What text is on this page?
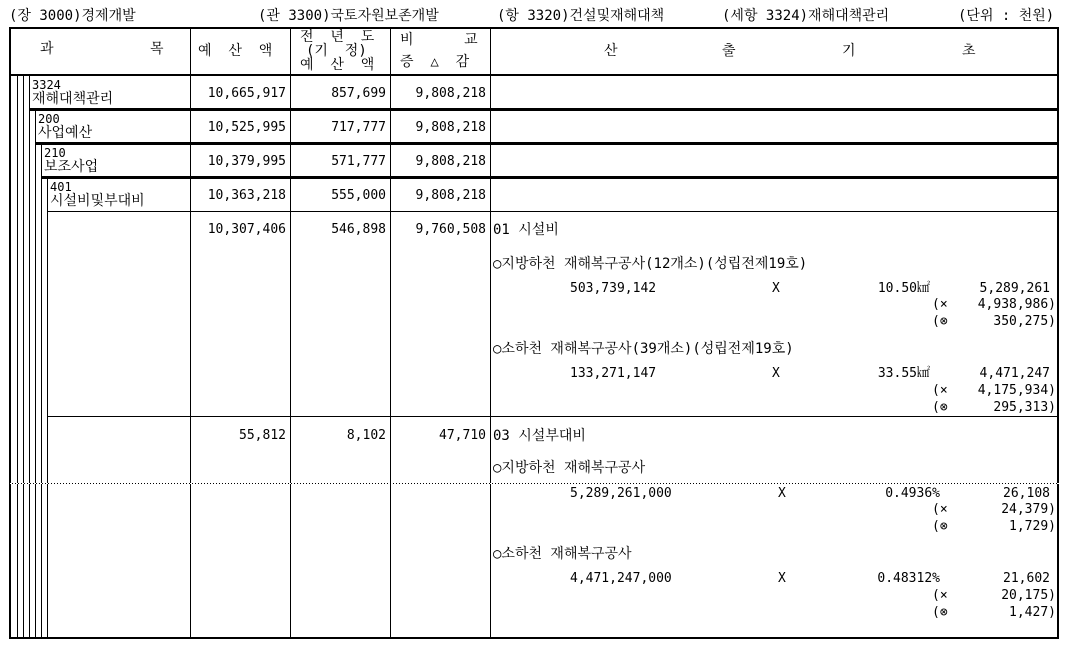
(장 3000)경제개발	(관 3300)국토자원보존개발	(항 3320)건설및재해대책	(세항 3324)재해대책관리	(단위 : 천원)
과	목 예  산  액
전  년  도
(기  정)
예  산  액
비      교
증  △  감
산	출	기	초
3324
재해대책관리	10,665,917	857,699	9,808,218
200
사업예산	10,525,995	717,777	9,808,218
210
보조사업	10,379,995	571,777	9,808,218
401
시설비및부대비	10,363,218	555,000	9,808,218
10,307,406	546,898	9,760,508 01 시설비
○지방하천 재해복구공사(12개소)(성립전제19호)
503,739,142	X	10.50㎢	5,289,261
(×	4,938,986)
(⊗	350,275)
○소하천 재해복구공사(39개소)(성립전제19호)
133,271,147	X	33.55㎢	4,471,247
(×	4,175,934)
(⊗	295,313)
55,812	8,102	47,710 03 시설부대비
○지방하천 재해복구공사
5,289,261,000	X	0.4936%	26,108
(×	24,379)
(⊗	1,729)
○소하천 재해복구공사
4,471,247,000	X	0.48312%	21,602
(×	20,175)
(⊗	1,427)
